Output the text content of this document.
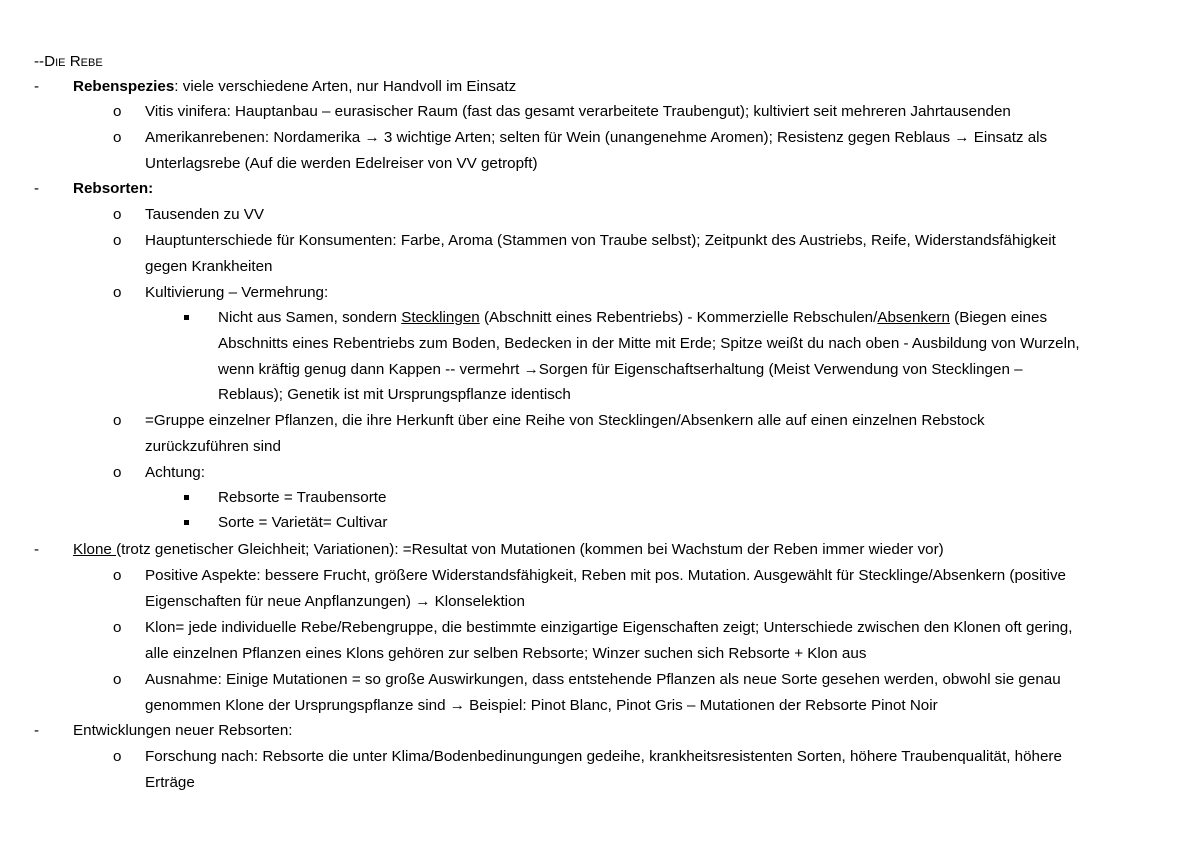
--Die Rebe
- Rebenspezies: viele verschiedene Arten, nur Handvoll im Einsatz
o Vitis vinifera: Hauptanbau – eurasischer Raum (fast das gesamt verarbeitete Traubengut); kultiviert seit mehreren Jahrtausenden
o Amerikanrebenen: Nordamerika → 3 wichtige Arten; selten für Wein (unangenehme Aromen); Resistenz gegen Reblaus → Einsatz als
Unterlagsrebe (Auf die werden Edelreiser von VV getropft)
- Rebsorten:
o Tausenden zu VV
o Hauptunterschiede für Konsumenten: Farbe, Aroma (Stammen von Traube selbst); Zeitpunkt des Austriebs, Reife, Widerstandsfähigkeit
gegen Krankheiten
o Kultivierung – Vermehrung:
Nicht aus Samen, sondern Stecklingen (Abschnitt eines Rebentriebs) - Kommerzielle Rebschulen/Absenkern (Biegen eines
Abschnitts eines Rebentriebs zum Boden, Bedecken in der Mitte mit Erde; Spitze weißt du nach oben - Ausbildung von Wurzeln,
wenn kräftig genug dann Kappen -- vermehrt →Sorgen für Eigenschaftserhaltung (Meist Verwendung von Stecklingen –
Reblaus); Genetik ist mit Ursprungspflanze identisch
o =Gruppe einzelner Pflanzen, die ihre Herkunft über eine Reihe von Stecklingen/Absenkern alle auf einen einzelnen Rebstock
zurückzuführen sind
o Achtung:
Rebsorte = Traubensorte
Sorte = Varietät= Cultivar
- Klone (trotz genetischer Gleichheit; Variationen): =Resultat von Mutationen (kommen bei Wachstum der Reben immer wieder vor)
o Positive Aspekte: bessere Frucht, größere Widerstandsfähigkeit, Reben mit pos. Mutation. Ausgewählt für Stecklinge/Absenkern (positive
Eigenschaften für neue Anpflanzungen) → Klonselektion
o Klon= jede individuelle Rebe/Rebengruppe, die bestimmte einzigartige Eigenschaften zeigt; Unterschiede zwischen den Klonen oft gering,
alle einzelnen Pflanzen eines Klons gehören zur selben Rebsorte; Winzer suchen sich Rebsorte + Klon aus
o Ausnahme: Einige Mutationen = so große Auswirkungen, dass entstehende Pflanzen als neue Sorte gesehen werden, obwohl sie genau
genommen Klone der Ursprungspflanze sind → Beispiel: Pinot Blanc, Pinot Gris – Mutationen der Rebsorte Pinot Noir
- Entwicklungen neuer Rebsorten:
o Forschung nach: Rebsorte die unter Klima/Bodenbedinungungen gedeihe, krankheitsresistenten Sorten, höhere Traubenqualität, höhere
Erträge
